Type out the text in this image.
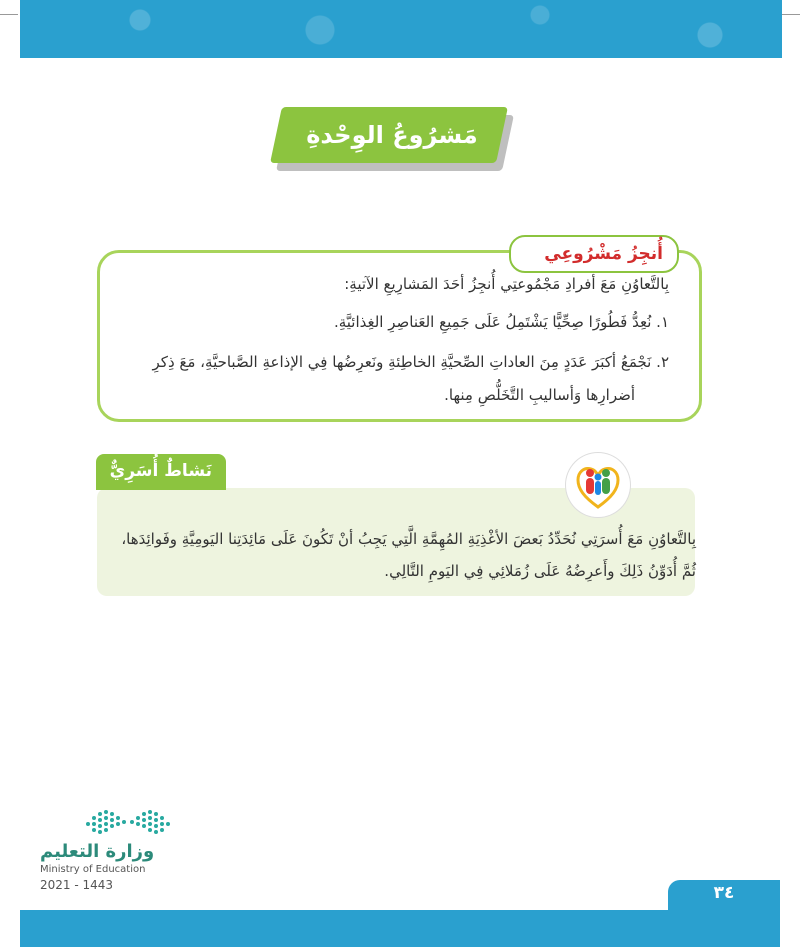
مَشرُوعُ الوِحْدةِ
أُنجِزُ مَشْرُوعِي
بِالتَّعاوُنِ مَعَ أفرادِ مَجْمُوعتِي أُنجِزُ أحَدَ المَشارِيعِ الآتيةِ:
١. نُعِدُّ فَطُورًا صِحِّيًّا يَشْتَمِلُ عَلَى جَمِيعِ العَناصِرِ الغِذائيَّةِ.
٢. نَجْمَعُ أكبَرَ عَدَدٍ مِنَ العاداتِ الصِّحيَّةِ الخاطِئةِ ونَعرِضُها فِي الإذاعةِ الصَّباحيَّةِ، مَعَ ذِكرِ
أضرارِها وَأساليبِ التَّخَلُّصِ مِنها.
نَشاطٌ أُسَرِيٌّ
بِالتَّعاوُنِ مَعَ أُسرَتِي نُحَدِّدُ بَعضَ الأغْذِيَةِ المُهِمَّةِ الَّتِي يَجِبُ أنْ تَكُونَ عَلَى مَائِدَتِنا اليَومِيَّةِ وفَوائِدَها،
ثُمَّ أُدَوِّنُ ذَلِكَ وأَعرِضُهُ عَلَى زُمَلائِي فِي اليَومِ التَّالِي.
وزارة التعليم
Ministry of Education
2021 - 1443	٣٤
